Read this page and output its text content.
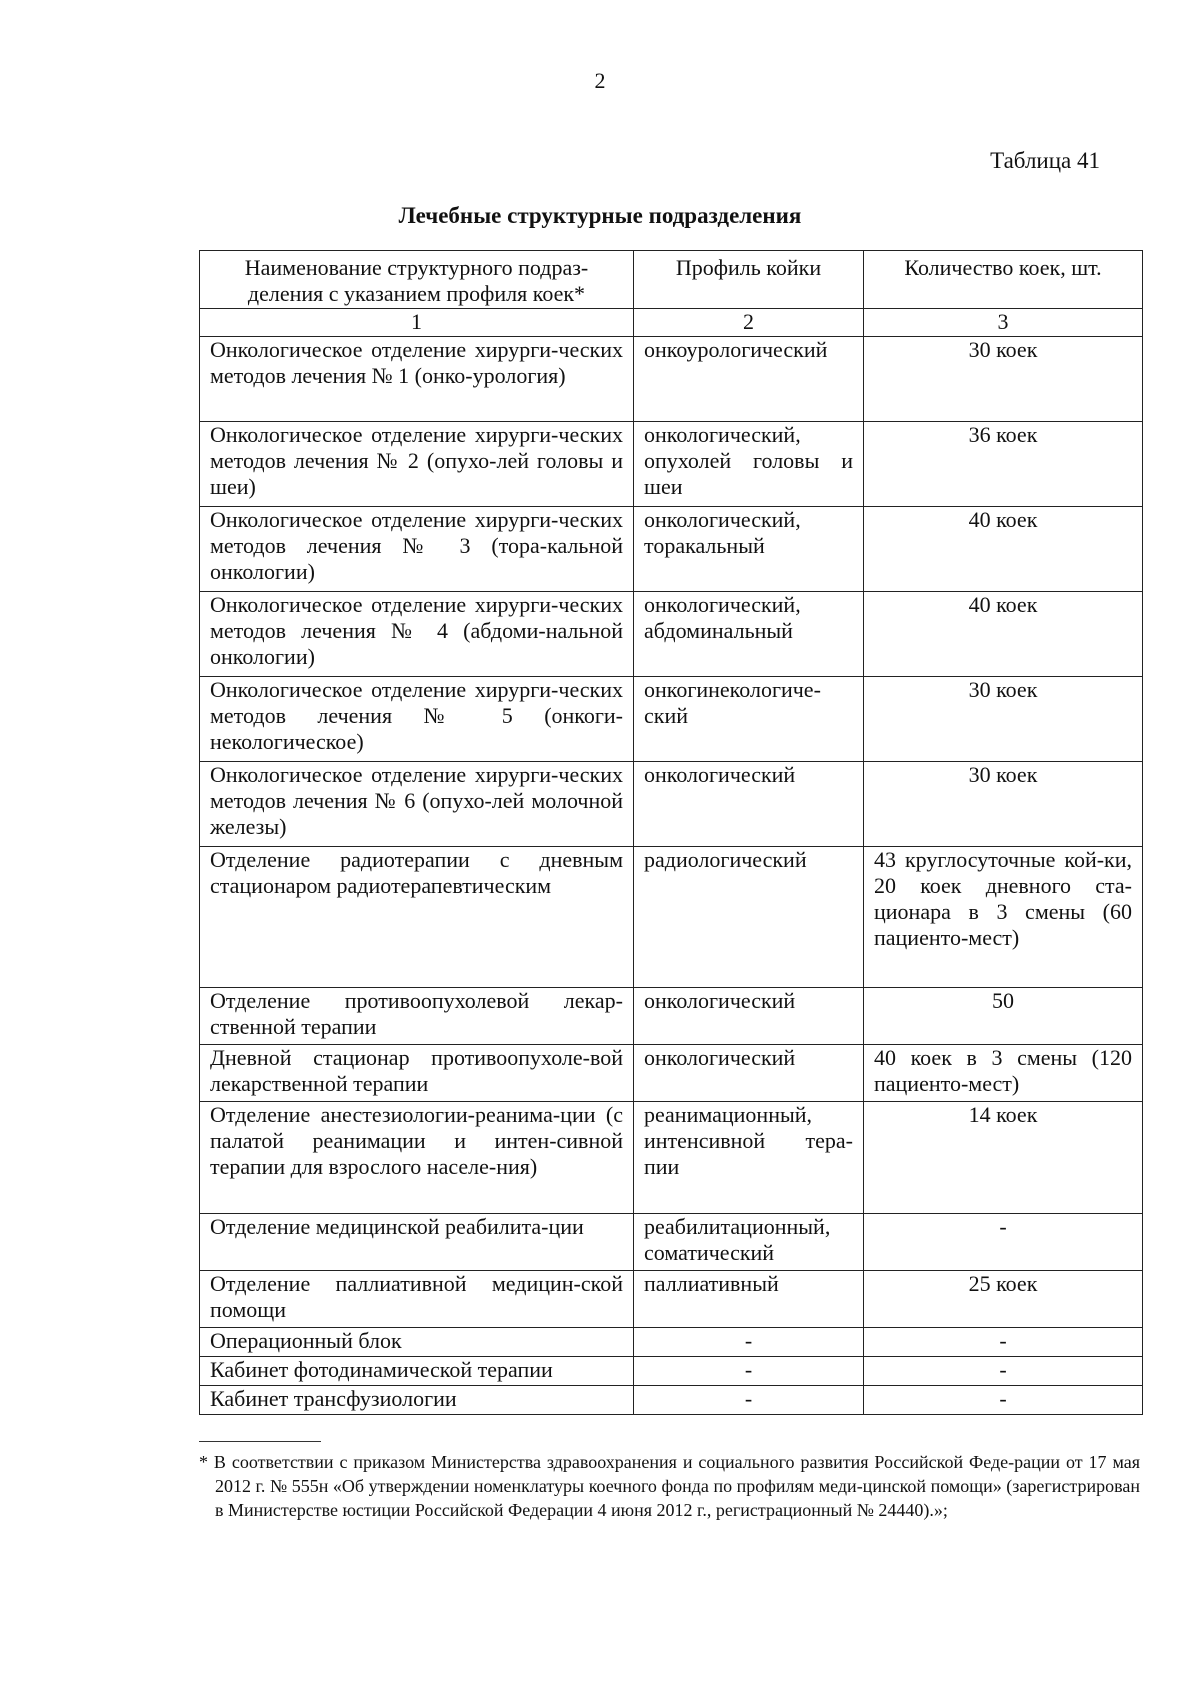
2
Таблица 41
Лечебные структурные подразделения
Наименование структурного подраз-деления с указанием профиля коек*	Профиль койки	Количество коек, шт.
1	2	3
Онкологическое отделение хирурги-ческих методов лечения № 1 (онко-урология)	онкоурологический	30 коек
Онкологическое отделение хирурги-ческих методов лечения № 2 (опухо-лей головы и шеи)	онкологический, опухолей головы и шеи	36 коек
Онкологическое отделение хирурги-ческих методов лечения № 3 (тора-кальной онкологии)	онкологический, торакальный	40 коек
Онкологическое отделение хирурги-ческих методов лечения № 4 (абдоми-нальной онкологии)	онкологический, абдоминальный	40 коек
Онкологическое отделение хирурги-ческих методов лечения № 5 (онкоги-некологическое)	онкогинекологиче-ский	30 коек
Онкологическое отделение хирурги-ческих методов лечения № 6 (опухо-лей молочной железы)	онкологический	30 коек
Отделение радиотерапии с дневным стационаром радиотерапевтическим	радиологический	43 круглосуточные кой-ки, 20 коек дневного ста-ционара в 3 смены (60 пациенто-мест)
Отделение противоопухолевой лекар-ственной терапии	онкологический	50
Дневной стационар противоопухоле-вой лекарственной терапии	онкологический	40 коек в 3 смены (120 пациенто-мест)
Отделение анестезиологии-реанима-ции (с палатой реанимации и интен-сивной терапии для взрослого населе-ния)	реанимационный, интенсивной тера-пии	14 коек
Отделение медицинской реабилита-ции	реабилитационный, соматический	-
Отделение паллиативной медицин-ской помощи	паллиативный	25 коек
Операционный блок	-	-
Кабинет фотодинамической терапии	-	-
Кабинет трансфузиологии	-	-
* В соответствии с приказом Министерства здравоохранения и социального развития Российской Феде-рации от 17 мая 2012 г. № 555н «Об утверждении номенклатуры коечного фонда по профилям меди-цинской помощи» (зарегистрирован в Министерстве юстиции Российской Федерации 4 июня 2012 г., регистрационный № 24440).»;
